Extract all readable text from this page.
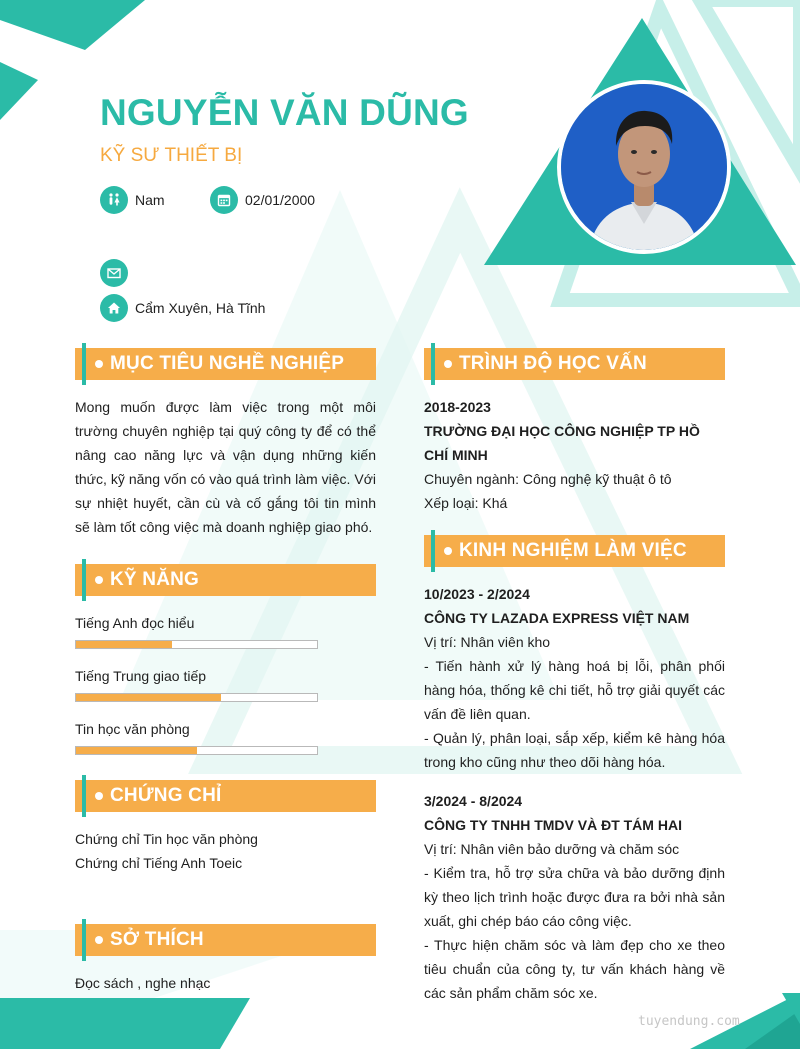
NGUYỄN VĂN DŨNG
KỸ SƯ THIẾT BỊ
Nam	02/01/2000
Cẩm Xuyên, Hà Tĩnh
MỤC TIÊU NGHỀ NGHIỆP
Mong muốn được làm việc trong một môi trường chuyên nghiệp tại quý công ty để có thể nâng cao năng lực và vận dụng những kiến thức, kỹ năng vốn có vào quá trình làm việc. Với sự nhiệt huyết, cần cù và cố gắng tôi tin mình sẽ làm tốt công việc mà doanh nghiệp giao phó.
KỸ NĂNG
Tiếng Anh đọc hiểu
Tiếng Trung giao tiếp
Tin học văn phòng
CHỨNG CHỈ
Chứng chỉ Tin học văn phòng
Chứng chỉ Tiếng Anh Toeic
SỞ THÍCH
Đọc sách , nghe nhạc
TRÌNH ĐỘ HỌC VẤN
2018-2023
TRƯỜNG ĐẠI HỌC CÔNG NGHIỆP TP HỒ CHÍ MINH
Chuyên ngành: Công nghệ kỹ thuật ô tô
Xếp loại: Khá
KINH NGHIỆM LÀM VIỆC
10/2023 - 2/2024
CÔNG TY LAZADA EXPRESS VIỆT NAM
Vị trí: Nhân viên kho
- Tiến hành xử lý hàng hoá bị lỗi, phân phối hàng hóa, thống kê chi tiết, hỗ trợ giải quyết các vấn đề liên quan.
- Quản lý, phân loại, sắp xếp, kiểm kê hàng hóa trong kho cũng như theo dõi hàng hóa.
3/2024 - 8/2024
CÔNG TY TNHH TMDV VÀ ĐT TÁM HAI
Vị trí: Nhân viên bảo dưỡng và chăm sóc
- Kiểm tra, hỗ trợ sửa chữa và bảo dưỡng định kỳ theo lịch trình hoặc được đưa ra bởi nhà sản xuất, ghi chép báo cáo công việc.
- Thực hiện chăm sóc và làm đẹp cho xe theo tiêu chuẩn của công ty, tư vấn khách hàng về các sản phẩm chăm sóc xe.
tuyendung.com
